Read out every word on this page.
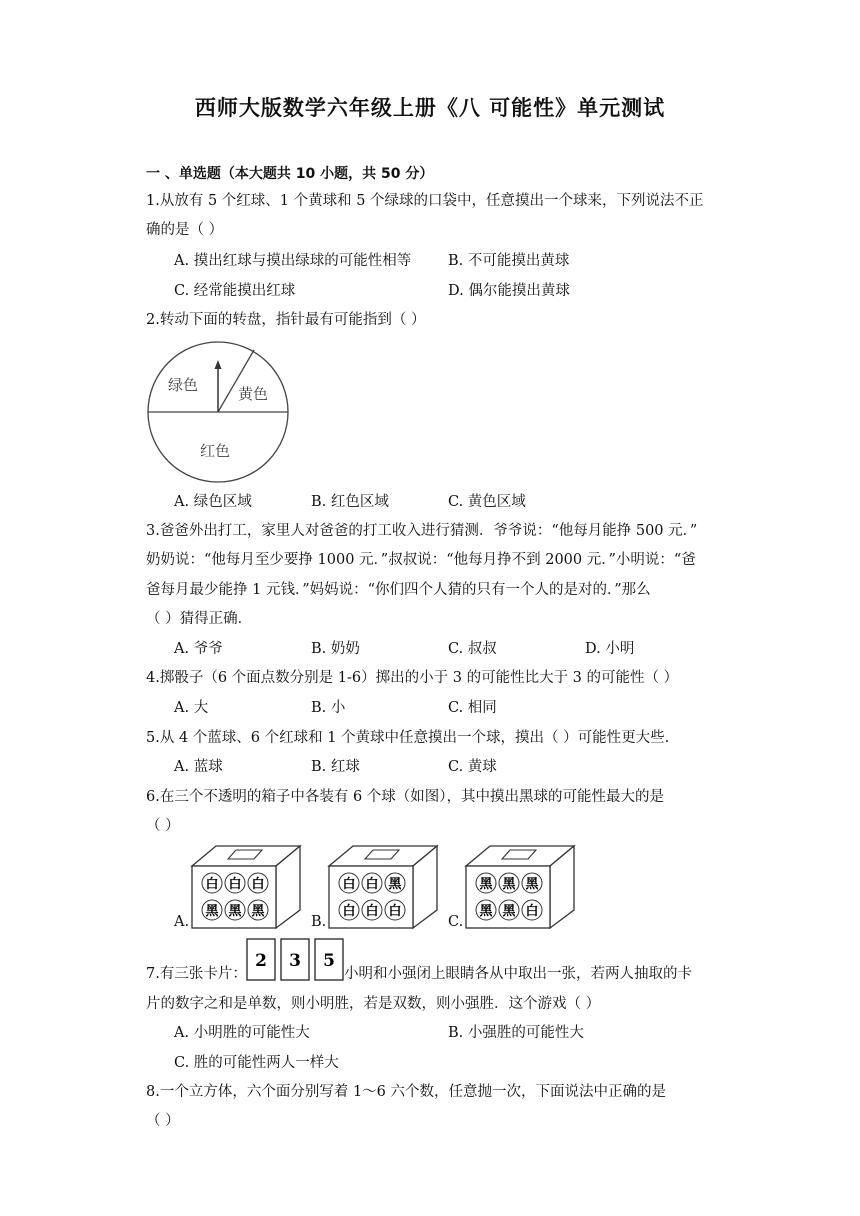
西师大版数学六年级上册《八 可能性》单元测试
一 、单选题（本大题共 10 小题，共 50 分）
1.从放有 5 个红球、1 个黄球和 5 个绿球的口袋中，任意摸出一个球来，下列说法不正
确的是（ ）
A. 摸出红球与摸出绿球的可能性相等	B. 不可能摸出黄球
C. 经常能摸出红球	D. 偶尔能摸出黄球
2.转动下面的转盘，指针最有可能指到（ ）
绿色	黄色
红色
A. 绿色区域	B. 红色区域	C. 黄色区域
3.爸爸外出打工，家里人对爸爸的打工收入进行猜测．爷爷说：“他每月能挣 500 元．”
奶奶说：“他每月至少要挣 1000 元．”叔叔说：“他每月挣不到 2000 元．”小明说：“爸
爸每月最少能挣 1 元钱．”妈妈说：“你们四个人猜的只有一个人的是对的．”那么
（ ）猜得正确．
A. 爷爷	B. 奶奶	C. 叔叔	D. 小明
4.掷骰子（6 个面点数分别是 1-6）掷出的小于 3 的可能性比大于 3 的可能性（ ）
A. 大	B. 小	C. 相同
5.从 4 个蓝球、6 个红球和 1 个黄球中任意摸出一个球，摸出（ ）可能性更大些.
A. 蓝球	B. 红球	C. 黄球
6.在三个不透明的箱子中各装有 6 个球（如图），其中摸出黑球的可能性最大的是
（ ）
A.
白 白 白
黑 黑 黑
B.
白 白 黑
白 白 白
C.
黑 黑 黑
黑 黑 白
7.有三张卡片：
2 3 5
小明和小强闭上眼睛各从中取出一张，若两人抽取的卡
片的数字之和是单数，则小明胜，若是双数，则小强胜．这个游戏（ ）
A. 小明胜的可能性大	B. 小强胜的可能性大
C. 胜的可能性两人一样大
8.一个立方体，六个面分别写着 1～6 六个数，任意抛一次，下面说法中正确的是
（ ）
